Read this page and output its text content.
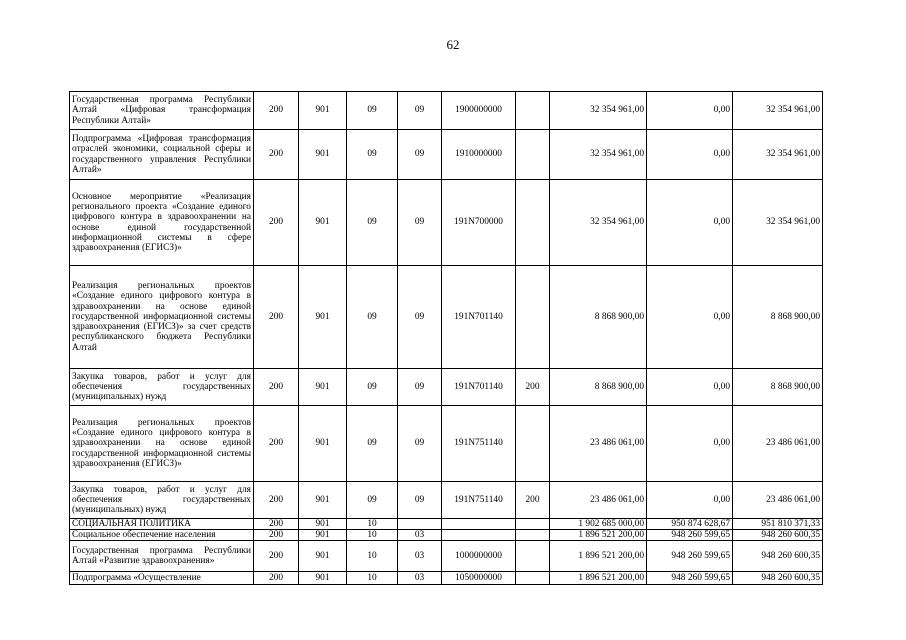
62
Государственная программа Республики Алтай «Цифровая трансформация Республики Алтай»	200	901	09	09	1900000000		32 354 961,00	0,00	32 354 961,00
Подпрограмма «Цифровая трансформация отраслей экономики, социальной сферы и государственного управления Республики Алтай»	200	901	09	09	1910000000		32 354 961,00	0,00	32 354 961,00
Основное мероприятие «Реализация регионального проекта «Создание единого цифрового контура в здравоохранении на основе единой государственной информационной системы в сфере здравоохранения (ЕГИСЗ)»	200	901	09	09	191N700000		32 354 961,00	0,00	32 354 961,00
Реализация региональных проектов «Создание единого цифрового контура в здравоохранении на основе единой государственной информационной системы здравоохранения (ЕГИСЗ)» за счет средств республиканского бюджета Республики Алтай	200	901	09	09	191N701140		8 868 900,00	0,00	8 868 900,00
Закупка товаров, работ и услуг для обеспечения государственных (муниципальных) нужд	200	901	09	09	191N701140	200	8 868 900,00	0,00	8 868 900,00
Реализация региональных проектов «Создание единого цифрового контура в здравоохранении на основе единой государственной информационной системы здравоохранения (ЕГИСЗ)»	200	901	09	09	191N751140		23 486 061,00	0,00	23 486 061,00
Закупка товаров, работ и услуг для обеспечения государственных (муниципальных) нужд	200	901	09	09	191N751140	200	23 486 061,00	0,00	23 486 061,00
СОЦИАЛЬНАЯ ПОЛИТИКА	200	901	10				1 902 685 000,00	950 874 628,67	951 810 371,33
Социальное обеспечение населения	200	901	10	03			1 896 521 200,00	948 260 599,65	948 260 600,35
Государственная программа Республики Алтай «Развитие здравоохранения»	200	901	10	03	1000000000		1 896 521 200,00	948 260 599,65	948 260 600,35
Подпрограмма «Осуществление	200	901	10	03	1050000000		1 896 521 200,00	948 260 599,65	948 260 600,35
